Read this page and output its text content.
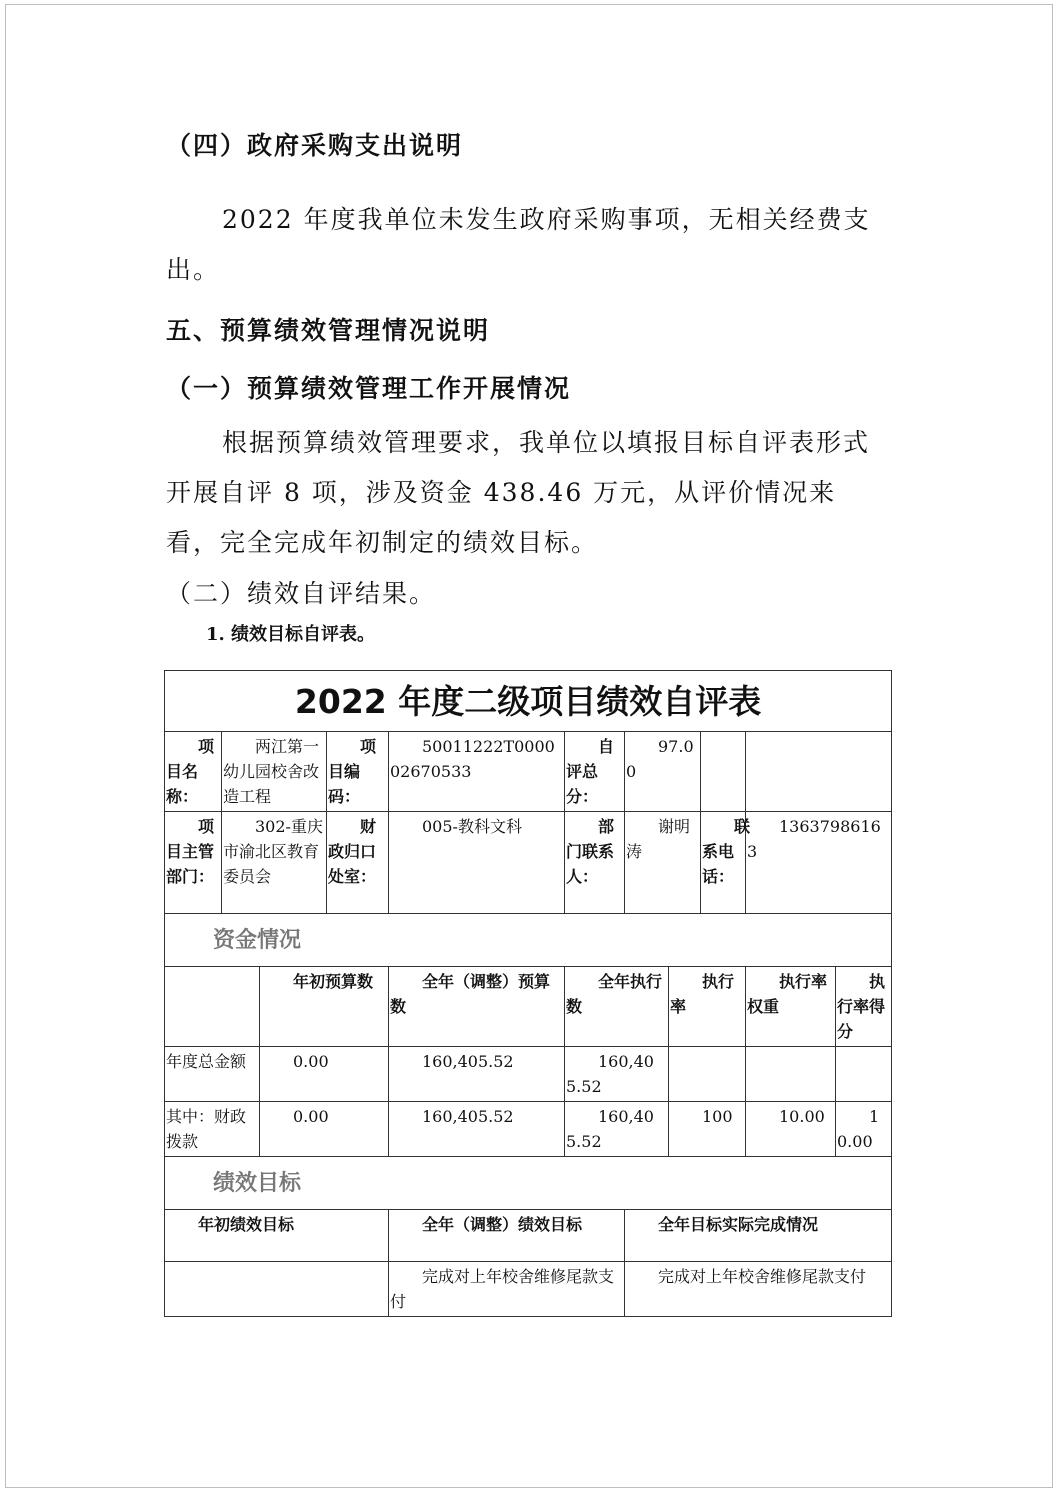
（四）政府采购支出说明
2022 年度我单位未发生政府采购事项，无相关经费支出。
五、预算绩效管理情况说明
（一）预算绩效管理工作开展情况
根据预算绩效管理要求，我单位以填报目标自评表形式开展自评 8 项，涉及资金 438.46 万元，从评价情况来看，完全完成年初制定的绩效目标。
（二）绩效自评结果。
1. 绩效目标自评表。
2022 年度二级项目绩效自评表										
项目名称：	两江第一幼儿园校舍改造工程		项目编码：	50011222T000002670533	自评总分：	97.00				
项目主管部门：	302-重庆市渝北区教育委员会		财政归口处室：	005-教科文科	部门联系人：	谢明涛		联系电话：	13637986163	
资金情况										
		年初预算数		全年（调整）预算数	全年执行数		执行率		执行率权重	执行率得分
年度总金额		0.00		160,405.52	160,405.52					
其中：财政拨款		0.00		160,405.52	160,405.52		100		10.00	10.00
绩效目标										
年初绩效目标				全年（调整）绩效目标		全年目标实际完成情况				
				完成对上年校舍维修尾款支付		完成对上年校舍维修尾款支付				
